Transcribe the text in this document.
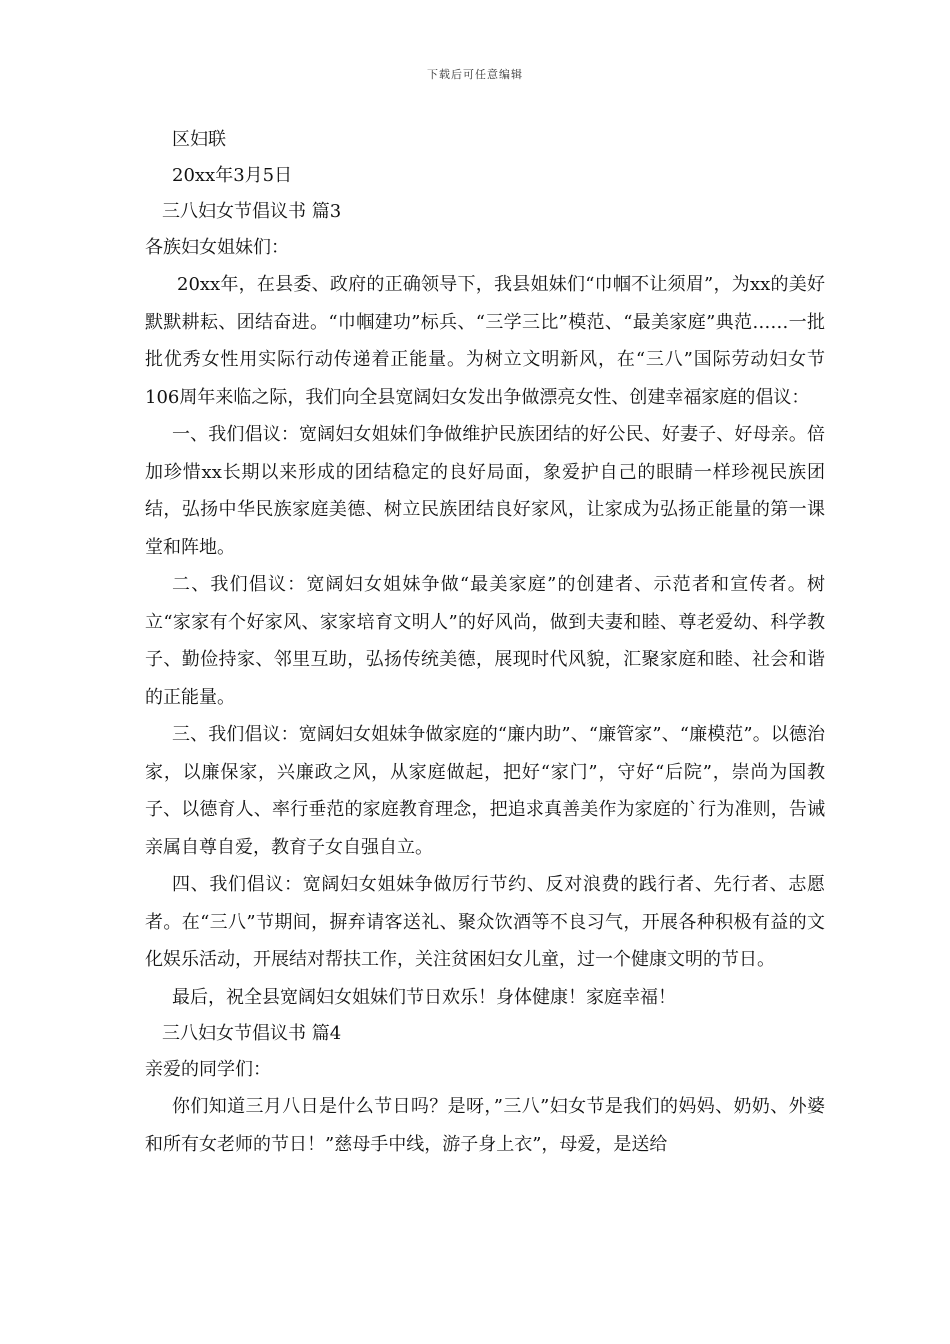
下载后可任意编辑
区妇联
20xx年3月5日
三八妇女节倡议书 篇3
各族妇女姐妹们：

20xx年，在县委、政府的正确领导下，我县姐妹们“巾帼不让须眉”，为xx的美好默默耕耘、团结奋进。“巾帼建功”标兵、“三学三比”模范、“最美家庭”典范……一批批优秀女性用实际行动传递着正能量。为树立文明新风，在“三八”国际劳动妇女节106周年来临之际，我们向全县宽阔妇女发出争做漂亮女性、创建幸福家庭的倡议：

一、我们倡议：宽阔妇女姐妹们争做维护民族团结的好公民、好妻子、好母亲。倍加珍惜xx长期以来形成的团结稳定的良好局面，象爱护自己的眼睛一样珍视民族团结，弘扬中华民族家庭美德、树立民族团结良好家风，让家成为弘扬正能量的第一课堂和阵地。

二、我们倡议：宽阔妇女姐妹争做“最美家庭”的创建者、示范者和宣传者。树立“家家有个好家风、家家培育文明人”的好风尚，做到夫妻和睦、尊老爱幼、科学教子、勤俭持家、邻里互助，弘扬传统美德，展现时代风貌，汇聚家庭和睦、社会和谐的正能量。

三、我们倡议：宽阔妇女姐妹争做家庭的“廉内助”、“廉管家”、“廉模范”。以德治家，以廉保家，兴廉政之风，从家庭做起，把好“家门”，守好“后院”，崇尚为国教子、以德育人、率行垂范的家庭教育理念，把追求真善美作为家庭的`行为准则，告诫亲属自尊自爱，教育子女自强自立。

四、我们倡议：宽阔妇女姐妹争做厉行节约、反对浪费的践行者、先行者、志愿者。在“三八”节期间，摒弃请客送礼、聚众饮酒等不良习气，开展各种积极有益的文化娱乐活动，开展结对帮扶工作，关注贫困妇女儿童，过一个健康文明的节日。

最后，祝全县宽阔妇女姐妹们节日欢乐！身体健康！家庭幸福！

三八妇女节倡议书 篇4
亲爱的同学们：

你们知道三月八日是什么节日吗？是呀，”三八”妇女节是我们的妈妈、奶奶、外婆和所有女老师的节日！”慈母手中线，游子身上衣”，母爱，是送给
